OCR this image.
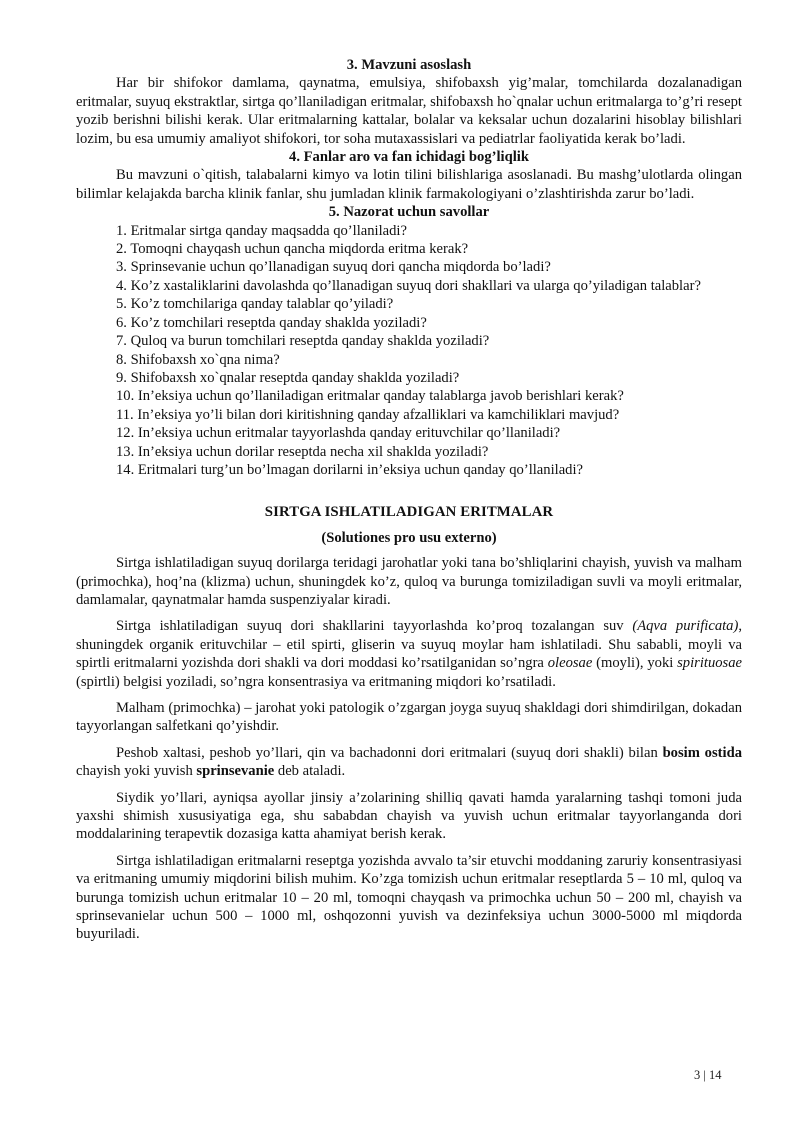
3. Mavzuni asoslash

Har bir shifokor damlama, qaynatma, emulsiya, shifobaxsh yig’malar, tomchilarda dozalanadigan eritmalar, suyuq ekstraktlar, sirtga qo’llaniladigan eritmalar, shifobaxsh ho`qnalar uchun eritmalarga to’g’ri resept yozib berishni bilishi kerak. Ular eritmalarning kattalar, bolalar va keksalar uchun dozalarini hisoblay bilishlari lozim, bu esa umumiy amaliyot shifokori, tor soha mutaxassislari va pediatrlar faoliyatida kerak bo’ladi.

4. Fanlar aro va fan ichidagi bog’liqlik

Bu mavzuni o`qitish, talabalarni kimyo va lotin tilini bilishlariga asoslanadi. Bu mashg’ulotlarda olingan bilimlar kelajakda barcha klinik fanlar, shu jumladan klinik farmakologiyani o’zlashtirishda zarur bo’ladi.

5. Nazorat uchun savollar
1. Eritmalar sirtga qanday maqsadda qo’llaniladi?
2. Tomoqni chayqash uchun qancha miqdorda eritma kerak?
3. Sprinsevanie uchun qo’llanadigan suyuq dori qancha miqdorda bo’ladi?
4. Ko’z xastaliklarini davolashda qo’llanadigan suyuq dori shakllari va ularga qo’yiladigan talablar?
5. Ko’z tomchilariga qanday talablar qo’yiladi?
6. Ko’z tomchilari reseptda qanday shaklda yoziladi?
7. Quloq va burun tomchilari reseptda qanday shaklda yoziladi?
8. Shifobaxsh xo`qna nima?
9. Shifobaxsh xo`qnalar reseptda qanday shaklda yoziladi?
10. In’eksiya uchun qo’llaniladigan eritmalar qanday talablarga javob berishlari kerak?
11. In’eksiya yo’li bilan dori kiritishning qanday afzalliklari va kamchiliklari mavjud?
12. In’eksiya uchun eritmalar tayyorlashda qanday erituvchilar qo’llaniladi?
13. In’eksiya uchun dorilar reseptda necha xil shaklda yoziladi?
14. Eritmalari turg’un bo’lmagan dorilarni in’eksiya uchun qanday qo’llaniladi?
SIRTGA ISHLATILADIGAN ERITMALAR
(Solutiones pro usu externo)

Sirtga ishlatiladigan suyuq dorilarga teridagi jarohatlar yoki tana bo’shliqlarini chayish, yuvish va malham (primochka), hoq’na (klizma) uchun, shuningdek ko’z, quloq va burunga tomiziladigan suvli va moyli eritmalar, damlamalar, qaynatmalar hamda suspenziyalar kiradi.

Sirtga ishlatiladigan suyuq dori shakllarini tayyorlashda ko’proq tozalangan suv (Aqva purificata), shuningdek organik erituvchilar – etil spirti, gliserin va suyuq moylar ham ishlatiladi. Shu sababli, moyli va spirtli eritmalarni yozishda dori shakli va dori moddasi ko’rsatilganidan so’ngra oleosae (moyli), yoki spirituosae (spirtli) belgisi yoziladi, so’ngra konsentrasiya va eritmaning miqdori ko’rsatiladi.

Malham (primochka) – jarohat yoki patologik o’zgargan joyga suyuq shakldagi dori shimdirilgan, dokadan tayyorlangan salfetkani qo’yishdir.

Peshob xaltasi, peshob yo’llari, qin va bachadonni dori eritmalari (suyuq dori shakli) bilan bosim ostida chayish yoki yuvish sprinsevanie deb ataladi.

Siydik yo’llari, ayniqsa ayollar jinsiy a’zolarining shilliq qavati hamda yaralarning tashqi tomoni juda yaxshi shimish xususiyatiga ega, shu sababdan chayish va yuvish uchun eritmalar tayyorlanganda dori moddalarining terapevtik dozasiga katta ahamiyat berish kerak.

Sirtga ishlatiladigan eritmalarni reseptga yozishda avvalo ta’sir etuvchi moddaning zaruriy konsentrasiyasi va eritmaning umumiy miqdorini bilish muhim. Ko’zga tomizish uchun eritmalar reseptlarda 5 – 10 ml, quloq va burunga tomizish uchun eritmalar 10 – 20 ml, tomoqni chayqash va primochka uchun 50 – 200 ml, chayish va sprinsevanielar uchun 500 – 1000 ml, oshqozonni yuvish va dezinfeksiya uchun 3000-5000 ml miqdorda buyuriladi.

3 | 14
